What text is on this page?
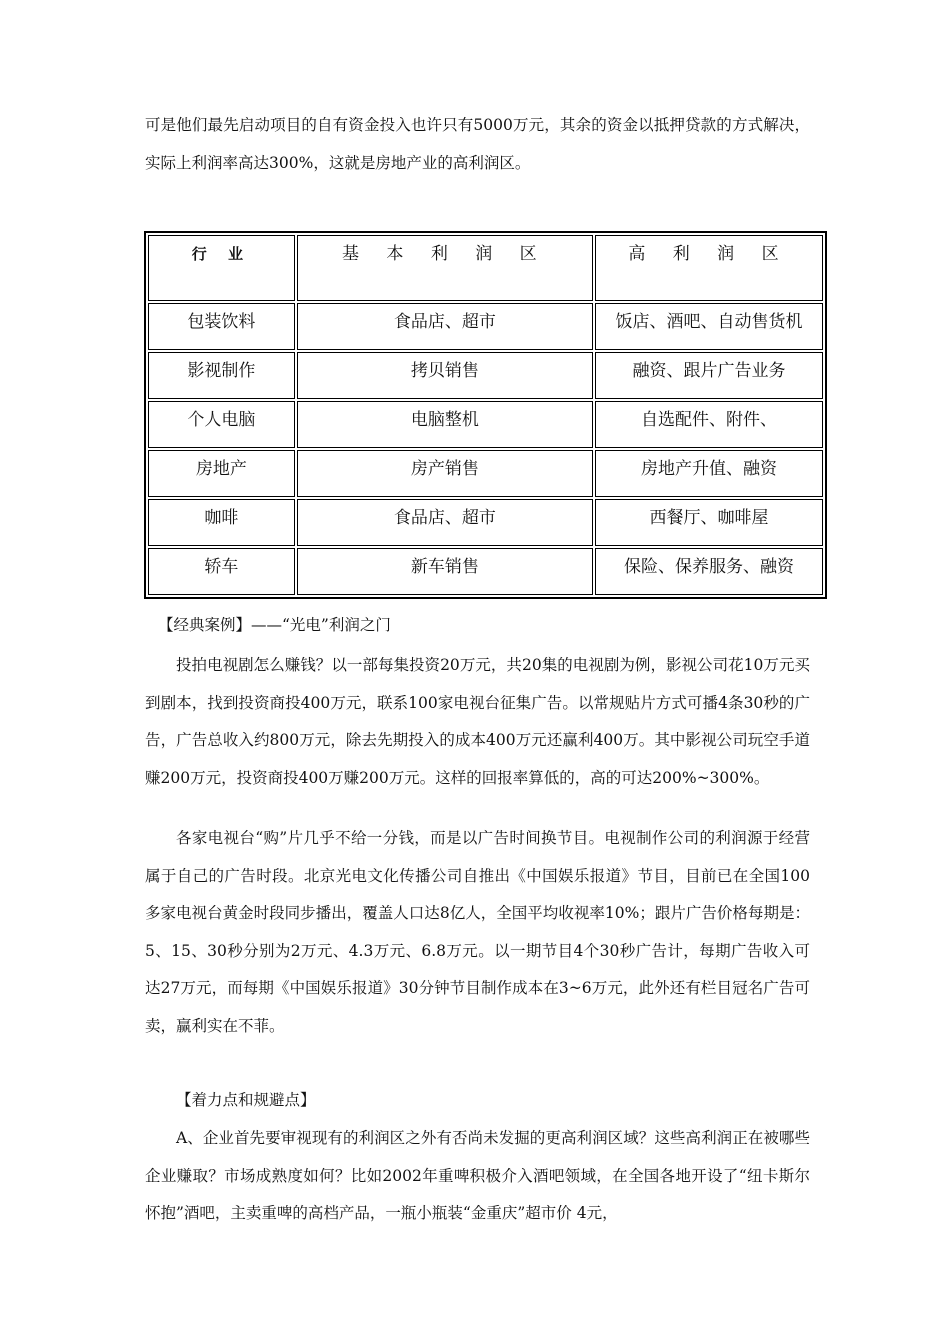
可是他们最先启动项目的自有资金投入也许只有5000万元，其余的资金以抵押贷款的方式解决，实际上利润率高达300%，这就是房地产业的高利润区。

行 业	基 本 利 润 区	高 利 润 区
包装饮料	食品店、超市	饭店、酒吧、自动售货机
影视制作	拷贝销售	融资、跟片广告业务
个人电脑	电脑整机	自选配件、附件、
房地产	房产销售	房地产升值、融资
咖啡	食品店、超市	西餐厅、咖啡屋
轿车	新车销售	保险、保养服务、融资

【经典案例】——“光电”利润之门

投拍电视剧怎么赚钱？以一部每集投资20万元，共20集的电视剧为例，影视公司花10万元买到剧本，找到投资商投400万元，联系100家电视台征集广告。以常规贴片方式可播4条30秒的广告，广告总收入约800万元，除去先期投入的成本400万元还赢利400万。其中影视公司玩空手道赚200万元，投资商投400万赚200万元。这样的回报率算低的，高的可达200%~300%。

各家电视台“购”片几乎不给一分钱，而是以广告时间换节目。电视制作公司的利润源于经营属于自己的广告时段。北京光电文化传播公司自推出《中国娱乐报道》节目，目前已在全国100多家电视台黄金时段同步播出，覆盖人口达8亿人，全国平均收视率10%；跟片广告价格每期是：5、15、30秒分别为2万元、4.3万元、6.8万元。以一期节目4个30秒广告计，每期广告收入可达27万元，而每期《中国娱乐报道》30分钟节目制作成本在3~6万元，此外还有栏目冠名广告可卖，赢利实在不菲。

【着力点和规避点】

A、企业首先要审视现有的利润区之外有否尚未发掘的更高利润区域？这些高利润正在被哪些企业赚取？市场成熟度如何？比如2002年重啤积极介入酒吧领域，在全国各地开设了“纽卡斯尔怀抱”酒吧，主卖重啤的高档产品，一瓶小瓶装“金重庆”超市价 4元，
